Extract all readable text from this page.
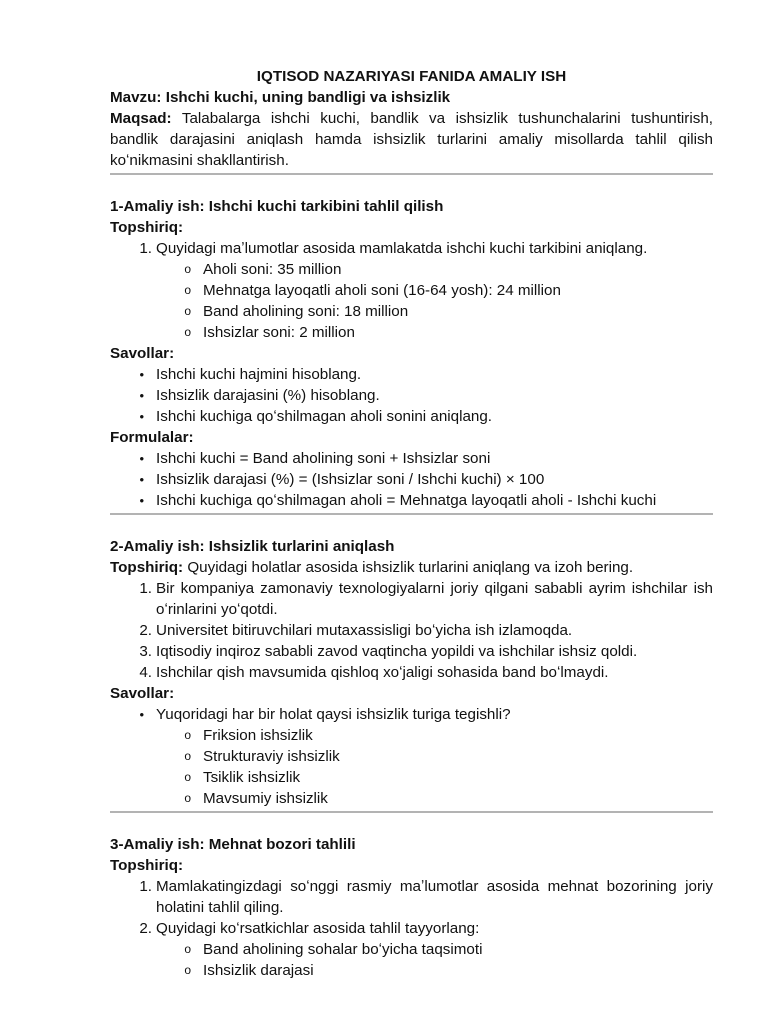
IQTISOD NAZARIYASI FANIDA AMALIY ISH
Mavzu: Ishchi kuchi, uning bandligi va ishsizlik
Maqsad: Talabalarga ishchi kuchi, bandlik va ishsizlik tushunchalarini tushuntirish, bandlik darajasini aniqlash hamda ishsizlik turlarini amaliy misollarda tahlil qilish koʻnikmasini shakllantirish.
1-Amaliy ish: Ishchi kuchi tarkibini tahlil qilish
Topshiriq:
1. Quyidagi maʼlumotlar asosida mamlakatda ishchi kuchi tarkibini aniqlang.
o Aholi soni: 35 million
o Mehnatga layoqatli aholi soni (16-64 yosh): 24 million
o Band aholining soni: 18 million
o Ishsizlar soni: 2 million
Savollar:
• Ishchi kuchi hajmini hisoblang.
• Ishsizlik darajasini (%) hisoblang.
• Ishchi kuchiga qoʻshilmagan aholi sonini aniqlang.
Formulalar:
• Ishchi kuchi = Band aholining soni + Ishsizlar soni
• Ishsizlik darajasi (%) = (Ishsizlar soni / Ishchi kuchi) × 100
• Ishchi kuchiga qoʻshilmagan aholi = Mehnatga layoqatli aholi - Ishchi kuchi
2-Amaliy ish: Ishsizlik turlarini aniqlash
Topshiriq: Quyidagi holatlar asosida ishsizlik turlarini aniqlang va izoh bering.
1. Bir kompaniya zamonaviy texnologiyalarni joriy qilgani sababli ayrim ishchilar ish oʻrinlarini yoʻqotdi.
2. Universitet bitiruvchilari mutaxassisligi boʻyicha ish izlamoqda.
3. Iqtisodiy inqiroz sababli zavod vaqtincha yopildi va ishchilar ishsiz qoldi.
4. Ishchilar qish mavsumida qishloq xoʻjaligi sohasida band boʻlmaydi.
Savollar:
• Yuqoridagi har bir holat qaysi ishsizlik turiga tegishli?
o Friksion ishsizlik
o Strukturaviy ishsizlik
o Tsiklik ishsizlik
o Mavsumiy ishsizlik
3-Amaliy ish: Mehnat bozori tahlili
Topshiriq:
1. Mamlakatingizdagi soʻnggi rasmiy maʼlumotlar asosida mehnat bozorining joriy holatini tahlil qiling.
2. Quyidagi koʻrsatkichlar asosida tahlil tayyorlang:
o Band aholining sohalar boʻyicha taqsimoti
o Ishsizlik darajasi
